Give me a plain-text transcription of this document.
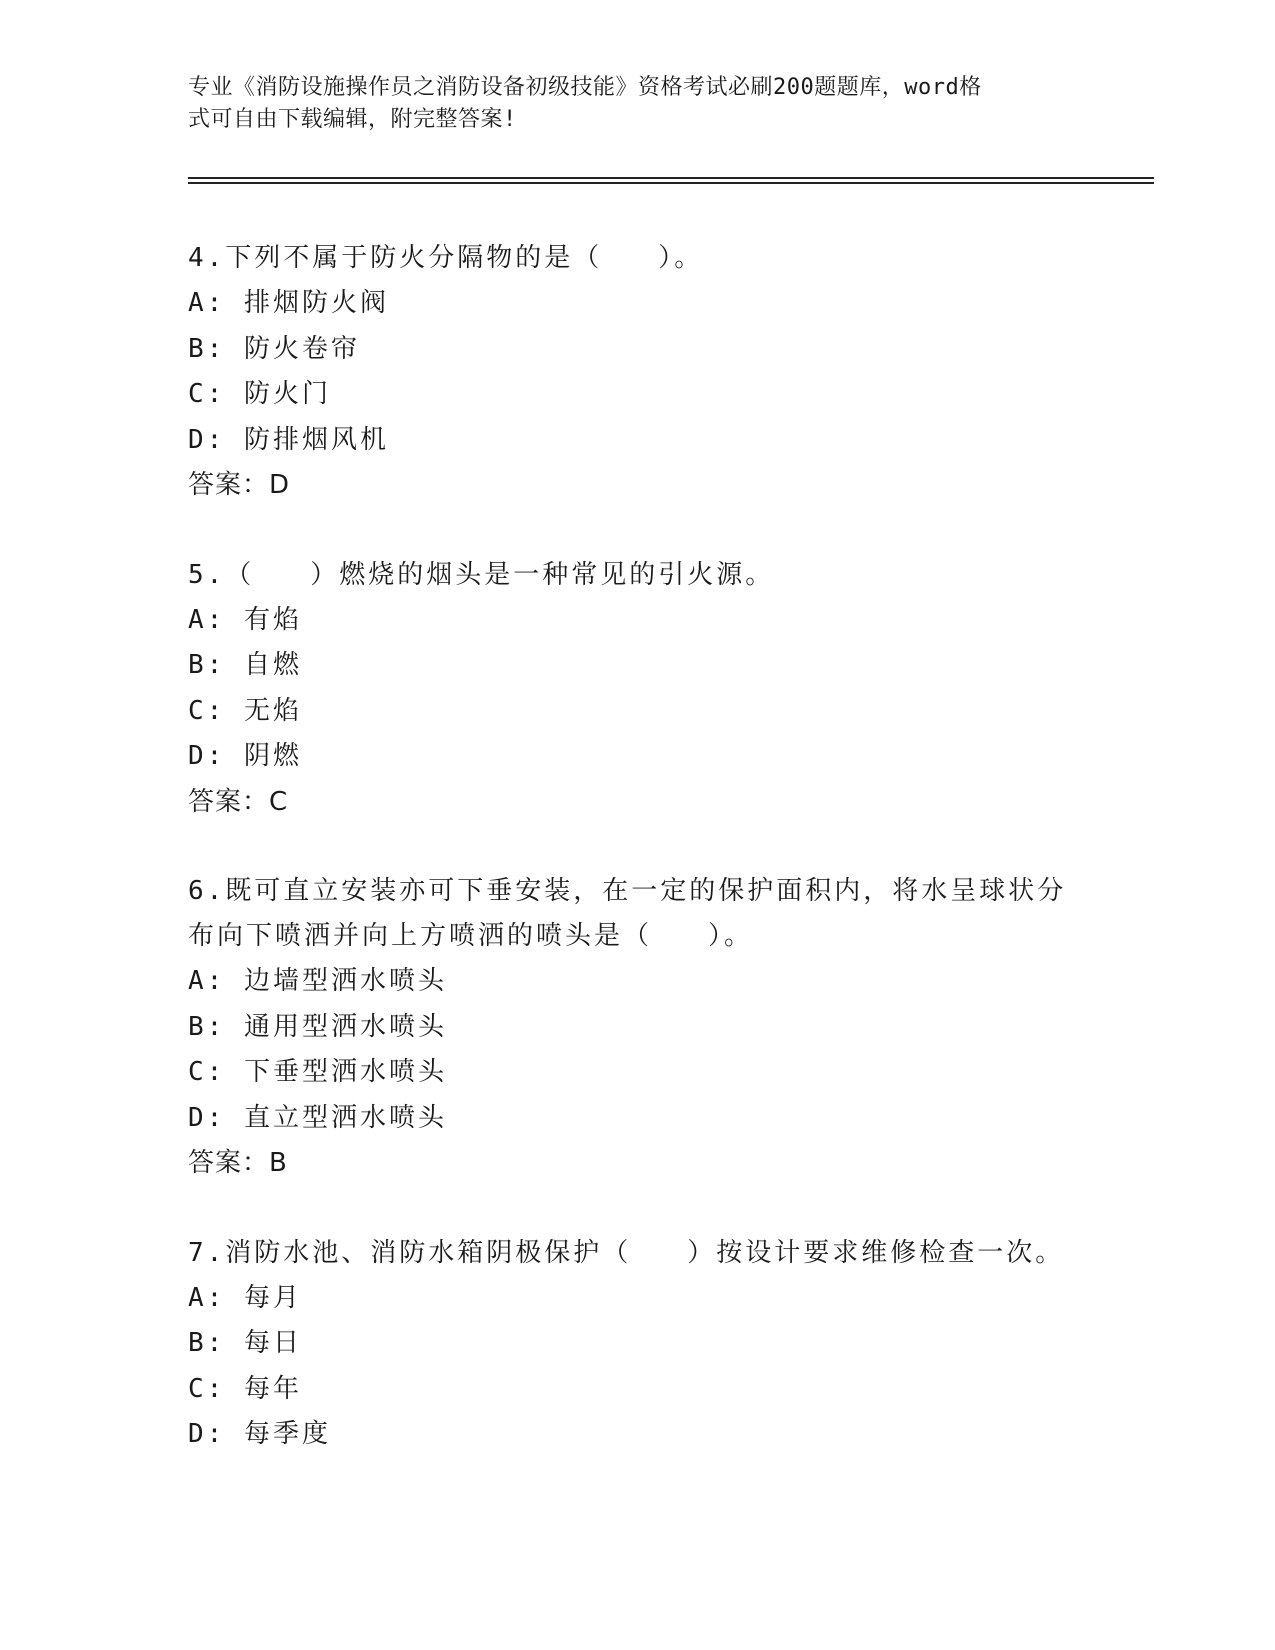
专业《消防设施操作员之消防设备初级技能》资格考试必刷200题题库，word格
式可自由下载编辑，附完整答案!
4.下列不属于防火分隔物的是（   ）。
A: 排烟防火阀
B: 防火卷帘
C: 防火门
D: 防排烟风机
答案：D
5.（   ）燃烧的烟头是一种常见的引火源。
A: 有焰
B: 自燃
C: 无焰
D: 阴燃
答案：C
6.既可直立安装亦可下垂安装，在一定的保护面积内，将水呈球状分
布向下喷洒并向上方喷洒的喷头是（   ）。
A: 边墙型洒水喷头
B: 通用型洒水喷头
C: 下垂型洒水喷头
D: 直立型洒水喷头
答案：B
7.消防水池、消防水箱阴极保护（   ）按设计要求维修检查一次。
A: 每月
B: 每日
C: 每年
D: 每季度
